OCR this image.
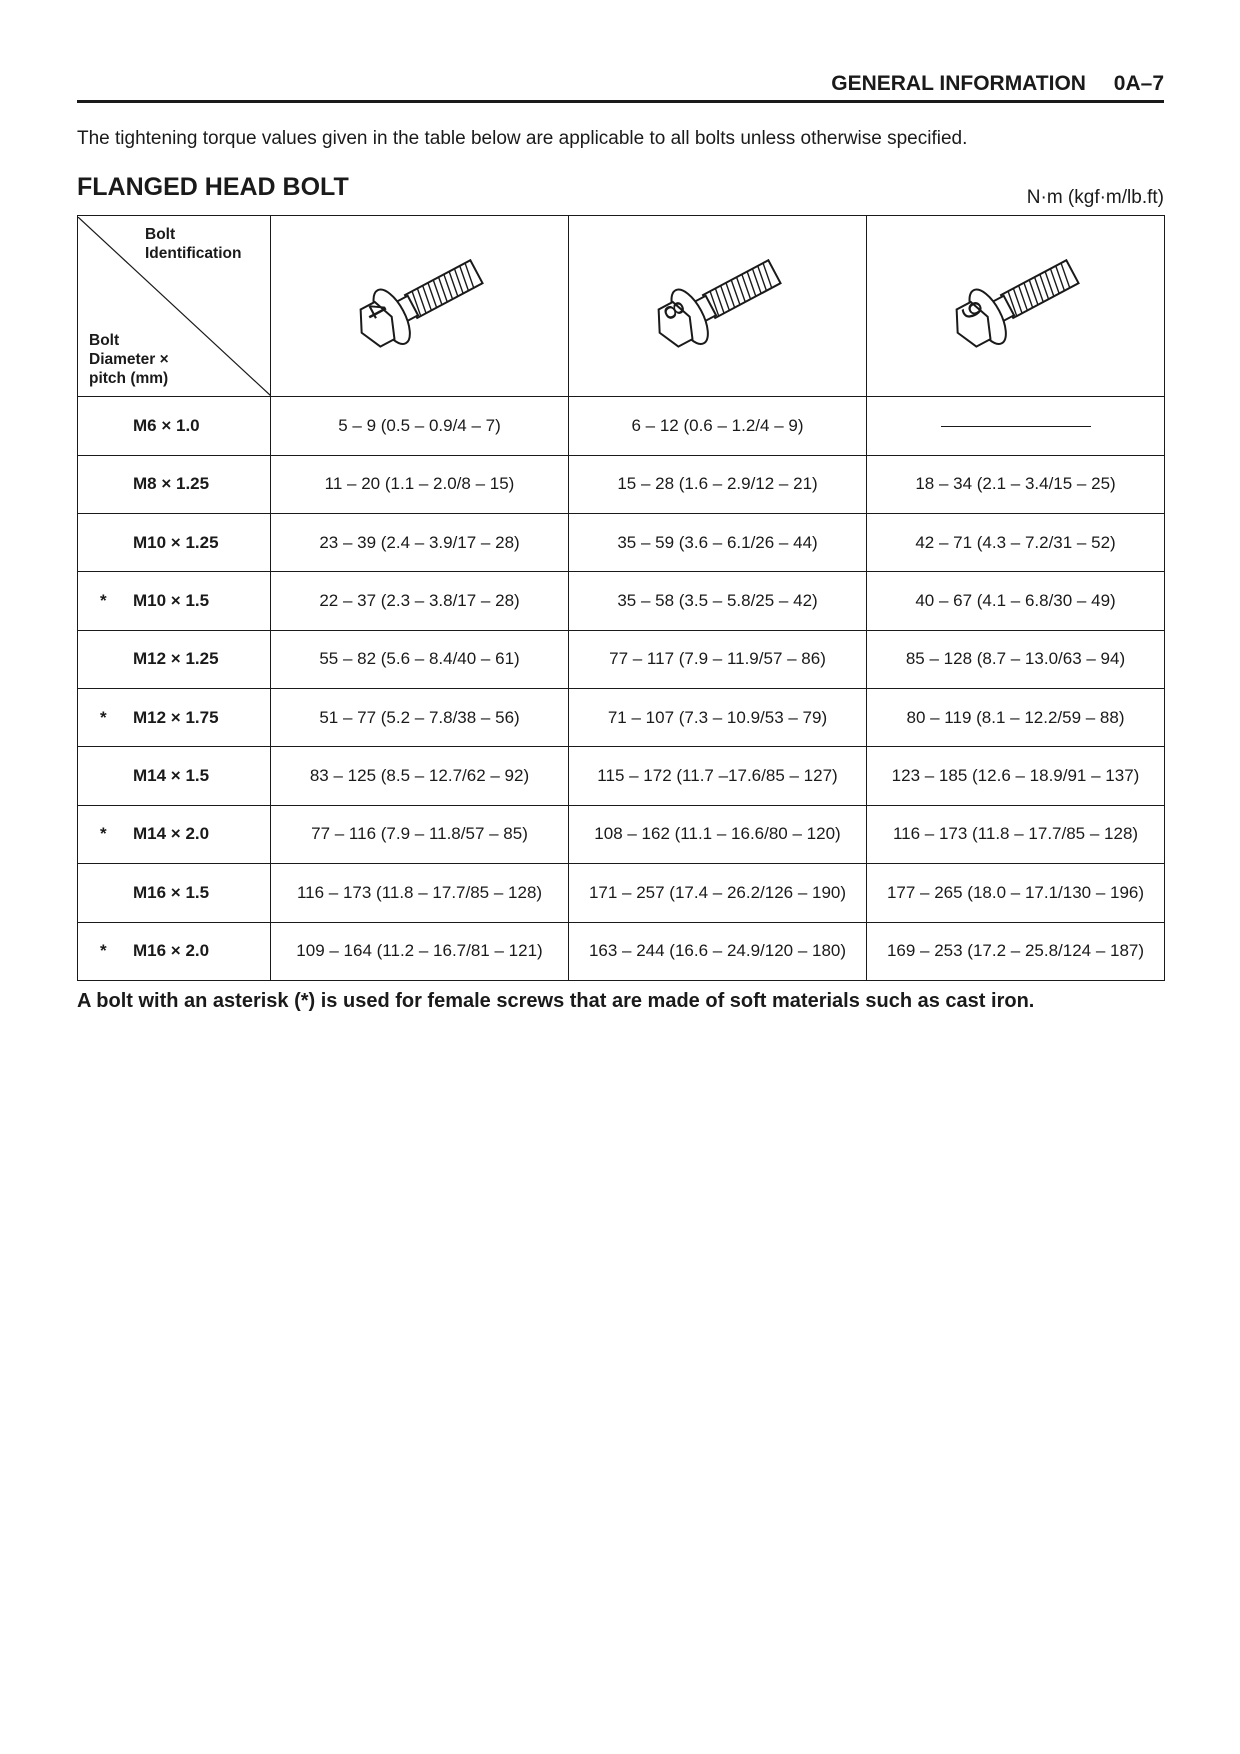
GENERAL INFORMATION 0A–7
The tightening torque values given in the table below are applicable to all bolts unless otherwise specified.
FLANGED HEAD BOLT	N·m (kgf·m/lb.ft)
Bolt
Identification
Bolt
Diameter ×
pitch (mm)	4	8	9

M6 × 1.0	5 – 9 (0.5 – 0.9/4 – 7)	6 – 12 (0.6 – 1.2/4 – 9)	

M8 × 1.25	11 – 20 (1.1 – 2.0/8 – 15)	15 – 28 (1.6 – 2.9/12 – 21)	18 – 34 (2.1 – 3.4/15 – 25)

M10 × 1.25	23 – 39 (2.4 – 3.9/17 – 28)	35 – 59 (3.6 – 6.1/26 – 44)	42 – 71 (4.3 – 7.2/31 – 52)

* M10 × 1.5	22 – 37 (2.3 – 3.8/17 – 28)	35 – 58 (3.5 – 5.8/25 – 42)	40 – 67 (4.1 – 6.8/30 – 49)

M12 × 1.25	55 – 82 (5.6 – 8.4/40 – 61)	77 – 117 (7.9 – 11.9/57 – 86)	85 – 128 (8.7 – 13.0/63 – 94)

* M12 × 1.75	51 – 77 (5.2 – 7.8/38 – 56)	71 – 107 (7.3 – 10.9/53 – 79)	80 – 119 (8.1 – 12.2/59 – 88)

M14 × 1.5	83 – 125 (8.5 – 12.7/62 – 92)	115 – 172 (11.7 –17.6/85 – 127)	123 – 185 (12.6 – 18.9/91 – 137)

* M14 × 2.0	77 – 116 (7.9 – 11.8/57 – 85)	108 – 162 (11.1 – 16.6/80 – 120)	116 – 173 (11.8 – 17.7/85 – 128)

M16 × 1.5	116 – 173 (11.8 – 17.7/85 – 128)	171 – 257 (17.4 – 26.2/126 – 190)	177 – 265 (18.0 – 17.1/130 – 196)

* M16 × 2.0	109 – 164 (11.2 – 16.7/81 – 121)	163 – 244 (16.6 – 24.9/120 – 180)	169 – 253 (17.2 – 25.8/124 – 187)
A bolt with an asterisk (*) is used for female screws that are made of soft materials such as cast iron.
